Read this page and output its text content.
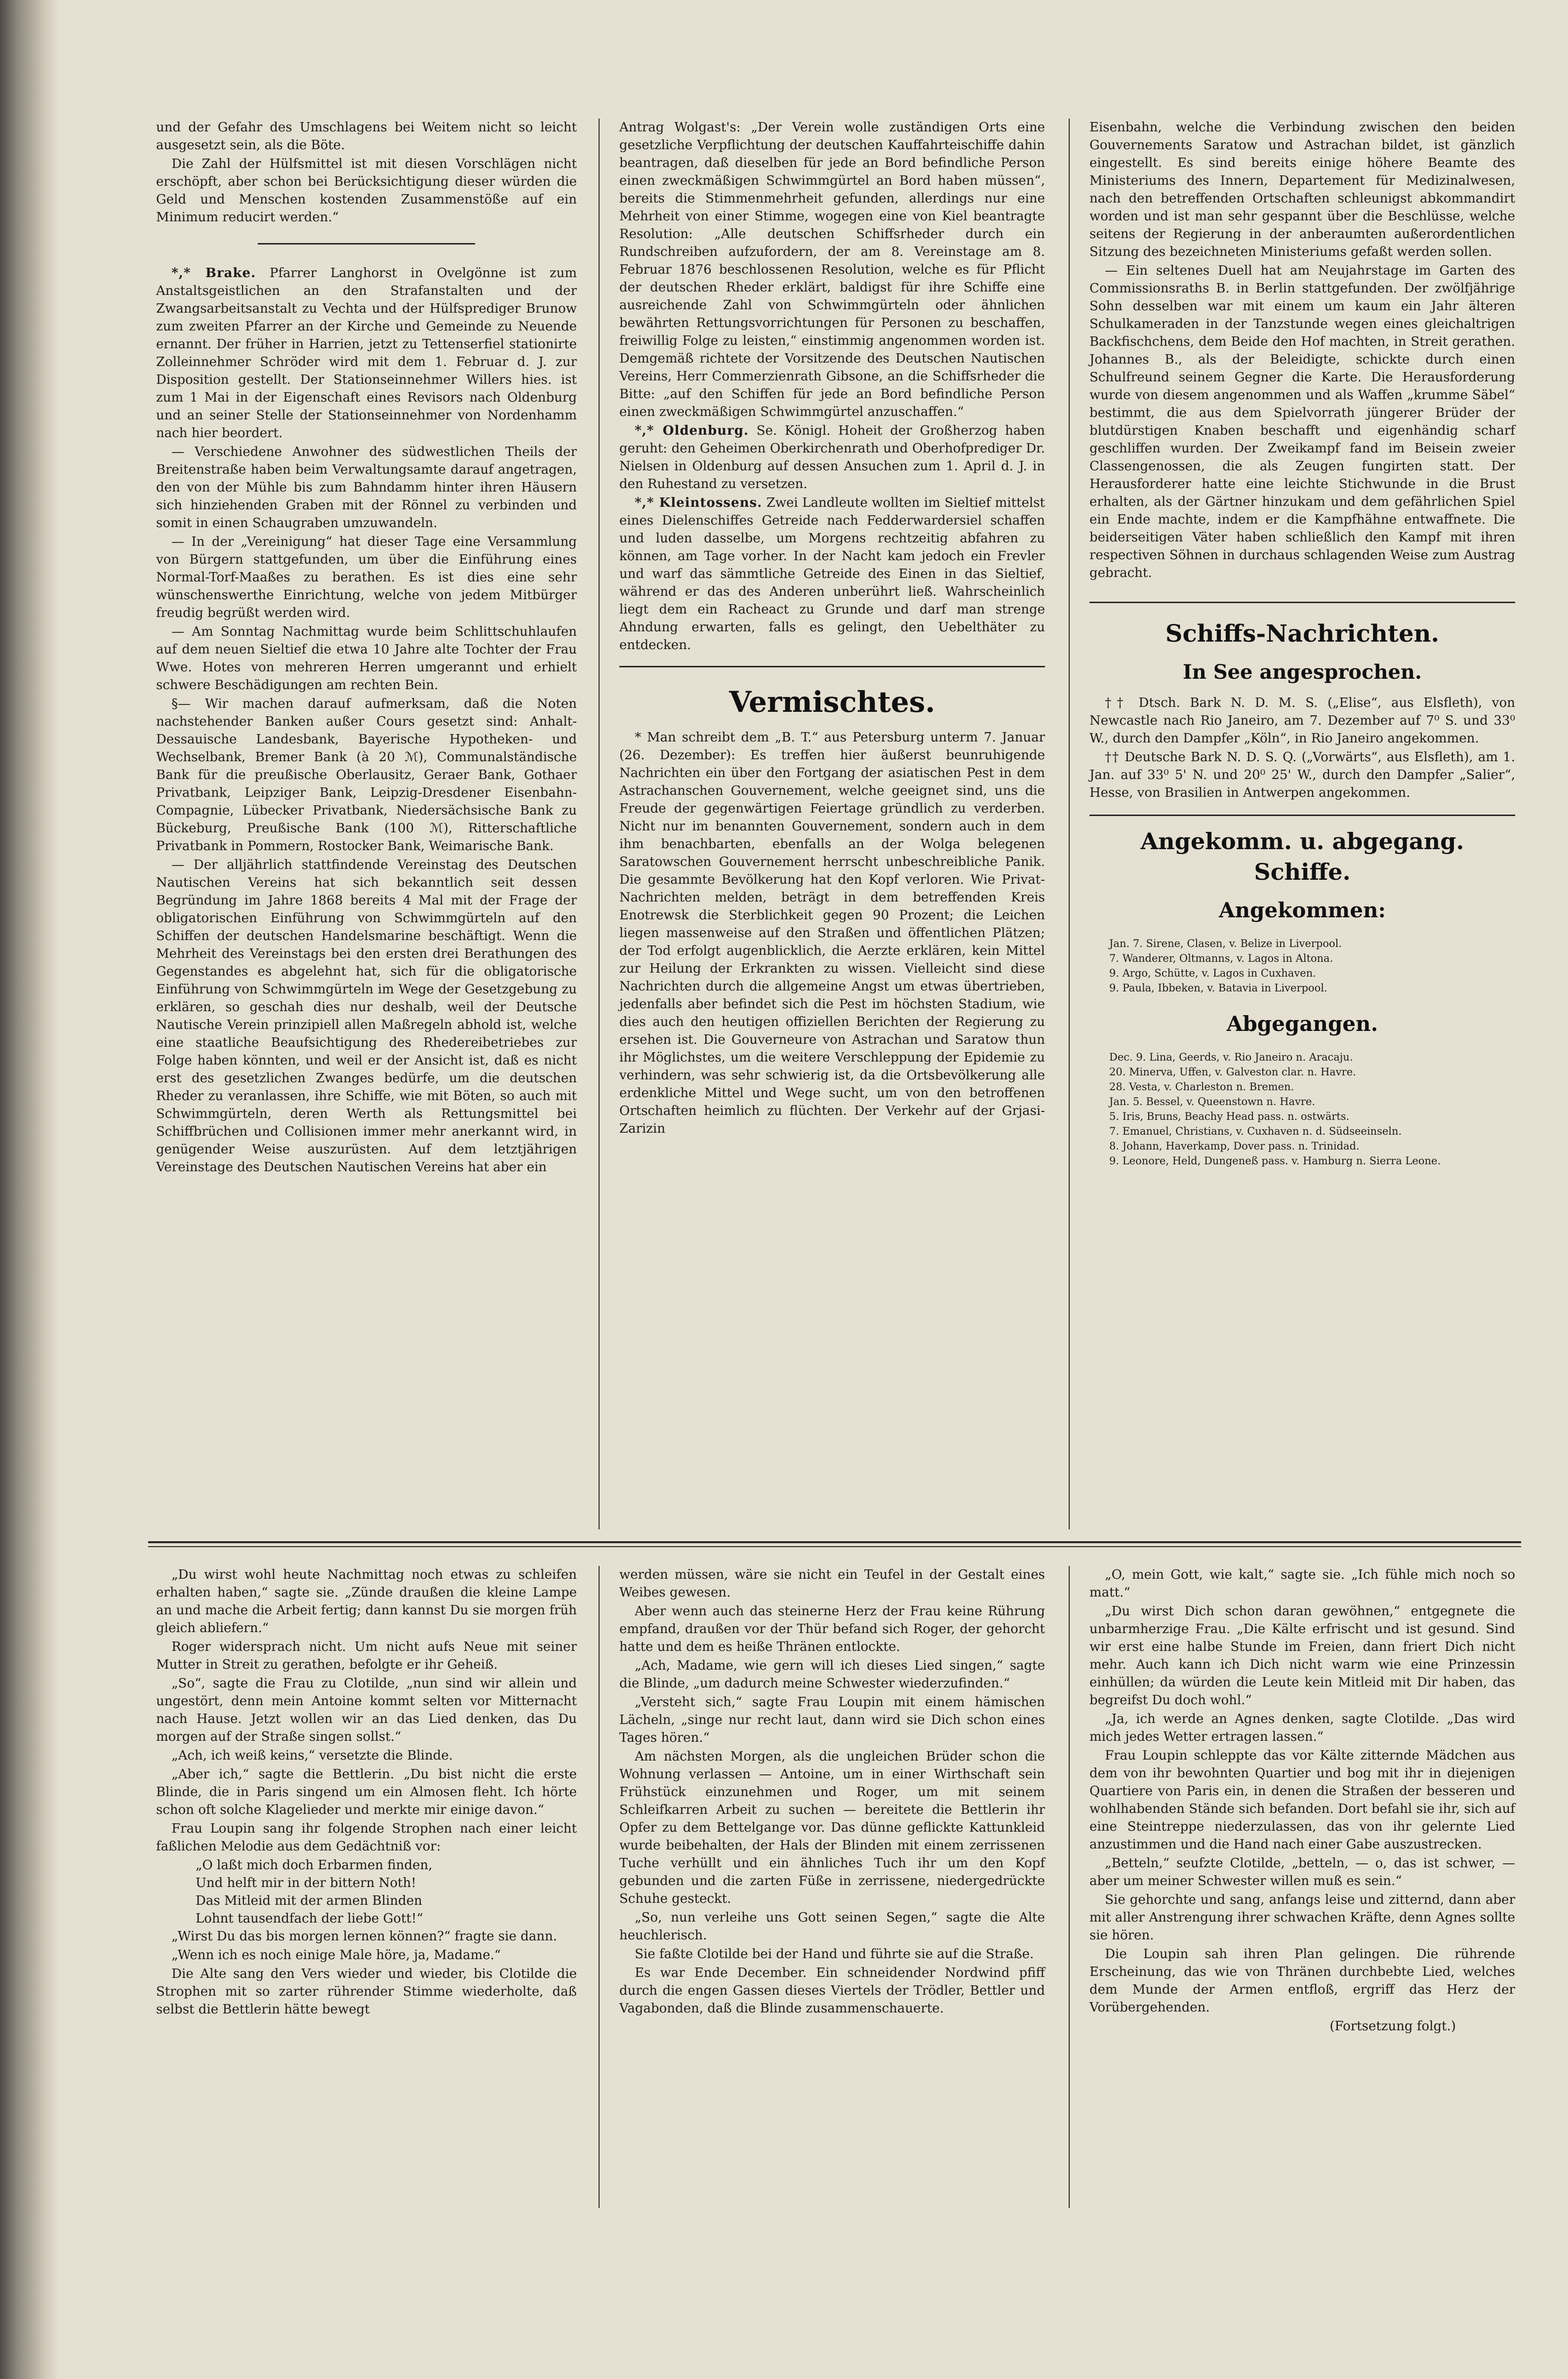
und der Gefahr des Umschlagens bei Weitem nicht so leicht ausgesetzt sein, als die Böte.

Die Zahl der Hülfsmittel ist mit diesen Vorschlägen nicht erschöpft, aber schon bei Berücksichtigung dieser würden die Geld und Menschen kostenden Zusammenstöße auf ein Minimum reducirt werden.“

*,* Brake. Pfarrer Langhorst in Ovelgönne ist zum Anstaltsgeistlichen an den Strafanstalten und der Zwangsarbeitsanstalt zu Vechta und der Hülfsprediger Brunow zum zweiten Pfarrer an der Kirche und Gemeinde zu Neuende ernannt. Der früher in Harrien, jetzt zu Tettenserfiel stationirte Zolleinnehmer Schröder wird mit dem 1. Februar d. J. zur Disposition gestellt. Der Stationseinnehmer Willers hies. ist zum 1 Mai in der Eigenschaft eines Revisors nach Oldenburg und an seiner Stelle der Stationseinnehmer von Nordenhamm nach hier beordert.

— Verschiedene Anwohner des südwestlichen Theils der Breitenstraße haben beim Verwaltungsamte darauf angetragen, den von der Mühle bis zum Bahndamm hinter ihren Häusern sich hinziehenden Graben mit der Rönnel zu verbinden und somit in einen Schaugraben umzuwandeln.

— In der „Vereinigung“ hat dieser Tage eine Versammlung von Bürgern stattgefunden, um über die Einführung eines Normal-Torf-Maaßes zu berathen. Es ist dies eine sehr wünschenswerthe Einrichtung, welche von jedem Mitbürger freudig begrüßt werden wird.

— Am Sonntag Nachmittag wurde beim Schlittschuhlaufen auf dem neuen Sieltief die etwa 10 Jahre alte Tochter der Frau Wwe. Hotes von mehreren Herren umgerannt und erhielt schwere Beschädigungen am rechten Bein.

§— Wir machen darauf aufmerksam, daß die Noten nachstehender Banken außer Cours gesetzt sind: Anhalt-Dessauische Landesbank, Bayerische Hypotheken- und Wechselbank, Bremer Bank (à 20 ℳ), Communalständische Bank für die preußische Oberlausitz, Geraer Bank, Gothaer Privatbank, Leipziger Bank, Leipzig-Dresdener Eisenbahn-Compagnie, Lübecker Privatbank, Niedersächsische Bank zu Bückeburg, Preußische Bank (100 ℳ), Ritterschaftliche Privatbank in Pommern, Rostocker Bank, Weimarische Bank.

— Der alljährlich stattfindende Vereinstag des Deutschen Nautischen Vereins hat sich bekanntlich seit dessen Begründung im Jahre 1868 bereits 4 Mal mit der Frage der obligatorischen Einführung von Schwimmgürteln auf den Schiffen der deutschen Handelsmarine beschäftigt. Wenn die Mehrheit des Vereinstags bei den ersten drei Berathungen des Gegenstandes es abgelehnt hat, sich für die obligatorische Einführung von Schwimmgürteln im Wege der Gesetzgebung zu erklären, so geschah dies nur deshalb, weil der Deutsche Nautische Verein prinzipiell allen Maßregeln abhold ist, welche eine staatliche Beaufsichtigung des Rhedereibetriebes zur Folge haben könnten, und weil er der Ansicht ist, daß es nicht erst des gesetzlichen Zwanges bedürfe, um die deutschen Rheder zu veranlassen, ihre Schiffe, wie mit Böten, so auch mit Schwimmgürteln, deren Werth als Rettungsmittel bei Schiffbrüchen und Collisionen immer mehr anerkannt wird, in genügender Weise auszurüsten. Auf dem letztjährigen Vereinstage des Deutschen Nautischen Vereins hat aber ein

Antrag Wolgast's: „Der Verein wolle zuständigen Orts eine gesetzliche Verpflichtung der deutschen Kauffahrteischiffe dahin beantragen, daß dieselben für jede an Bord befindliche Person einen zweckmäßigen Schwimmgürtel an Bord haben müssen“, bereits die Stimmenmehrheit gefunden, allerdings nur eine Mehrheit von einer Stimme, wogegen eine von Kiel beantragte Resolution: „Alle deutschen Schiffsrheder durch ein Rundschreiben aufzufordern, der am 8. Vereinstage am 8. Februar 1876 beschlossenen Resolution, welche es für Pflicht der deutschen Rheder erklärt, baldigst für ihre Schiffe eine ausreichende Zahl von Schwimmgürteln oder ähnlichen bewährten Rettungsvorrichtungen für Personen zu beschaffen, freiwillig Folge zu leisten,“ einstimmig angenommen worden ist. Demgemäß richtete der Vorsitzende des Deutschen Nautischen Vereins, Herr Commerzienrath Gibsone, an die Schiffsrheder die Bitte: „auf den Schiffen für jede an Bord befindliche Person einen zweckmäßigen Schwimmgürtel anzuschaffen.“

*,* Oldenburg. Se. Königl. Hoheit der Großherzog haben geruht: den Geheimen Oberkirchenrath und Oberhofprediger Dr. Nielsen in Oldenburg auf dessen Ansuchen zum 1. April d. J. in den Ruhestand zu versetzen.

*,* Kleintossens. Zwei Landleute wollten im Sieltief mittelst eines Dielenschiffes Getreide nach Fedderwardersiel schaffen und luden dasselbe, um Morgens rechtzeitig abfahren zu können, am Tage vorher. In der Nacht kam jedoch ein Frevler und warf das sämmtliche Getreide des Einen in das Sieltief, während er das des Anderen unberührt ließ. Wahrscheinlich liegt dem ein Racheact zu Grunde und darf man strenge Ahndung erwarten, falls es gelingt, den Uebelthäter zu entdecken.

Vermischtes.

* Man schreibt dem „B. T.“ aus Petersburg unterm 7. Januar (26. Dezember): Es treffen hier äußerst beunruhigende Nachrichten ein über den Fortgang der asiatischen Pest in dem Astrachanschen Gouvernement, welche geeignet sind, uns die Freude der gegenwärtigen Feiertage gründlich zu verderben. Nicht nur im benannten Gouvernement, sondern auch in dem ihm benachbarten, ebenfalls an der Wolga belegenen Saratowschen Gouvernement herrscht unbeschreibliche Panik. Die gesammte Bevölkerung hat den Kopf verloren. Wie Privat-Nachrichten melden, beträgt in dem betreffenden Kreis Enotrewsk die Sterblichkeit gegen 90 Prozent; die Leichen liegen massenweise auf den Straßen und öffentlichen Plätzen; der Tod erfolgt augenblicklich, die Aerzte erklären, kein Mittel zur Heilung der Erkrankten zu wissen. Vielleicht sind diese Nachrichten durch die allgemeine Angst um etwas übertrieben, jedenfalls aber befindet sich die Pest im höchsten Stadium, wie dies auch den heutigen offiziellen Berichten der Regierung zu ersehen ist. Die Gouverneure von Astrachan und Saratow thun ihr Möglichstes, um die weitere Verschleppung der Epidemie zu verhindern, was sehr schwierig ist, da die Ortsbevölkerung alle erdenkliche Mittel und Wege sucht, um von den betroffenen Ortschaften heimlich zu flüchten. Der Verkehr auf der Grjasi-Zarizin

Eisenbahn, welche die Verbindung zwischen den beiden Gouvernements Saratow und Astrachan bildet, ist gänzlich eingestellt. Es sind bereits einige höhere Beamte des Ministeriums des Innern, Departement für Medizinalwesen, nach den betreffenden Ortschaften schleunigst abkommandirt worden und ist man sehr gespannt über die Beschlüsse, welche seitens der Regierung in der anberaumten außerordentlichen Sitzung des bezeichneten Ministeriums gefaßt werden sollen.

— Ein seltenes Duell hat am Neujahrstage im Garten des Commissionsraths B. in Berlin stattgefunden. Der zwölfjährige Sohn desselben war mit einem um kaum ein Jahr älteren Schulkameraden in der Tanzstunde wegen eines gleichaltrigen Backfischchens, dem Beide den Hof machten, in Streit gerathen. Johannes B., als der Beleidigte, schickte durch einen Schulfreund seinem Gegner die Karte. Die Herausforderung wurde von diesem angenommen und als Waffen „krumme Säbel“ bestimmt, die aus dem Spielvorrath jüngerer Brüder der blutdürstigen Knaben beschafft und eigenhändig scharf geschliffen wurden. Der Zweikampf fand im Beisein zweier Classengenossen, die als Zeugen fungirten statt. Der Herausforderer hatte eine leichte Stichwunde in die Brust erhalten, als der Gärtner hinzukam und dem gefährlichen Spiel ein Ende machte, indem er die Kampfhähne entwaffnete. Die beiderseitigen Väter haben schließlich den Kampf mit ihren respectiven Söhnen in durchaus schlagenden Weise zum Austrag gebracht.

Schiffs-Nachrichten.
In See angesprochen.

†† Dtsch. Bark N. D. M. S. („Elise“, aus Elsfleth), von Newcastle nach Rio Janeiro, am 7. Dezember auf 7⁰ S. und 33⁰ W., durch den Dampfer „Köln“, in Rio Janeiro angekommen.

†† Deutsche Bark N. D. S. Q. („Vorwärts“, aus Elsfleth), am 1. Jan. auf 33⁰ 5' N. und 20⁰ 25' W., durch den Dampfer „Salier“, Hesse, von Brasilien in Antwerpen angekommen.

Angekomm. u. abgegang. Schiffe.
Angekommen:

Jan. 7. Sirene, Clasen, v. Belize in Liverpool.

7. Wanderer, Oltmanns, v. Lagos in Altona.

9. Argo, Schütte, v. Lagos in Cuxhaven.

9. Paula, Ibbeken, v. Batavia in Liverpool.

Abgegangen.

Dec. 9. Lina, Geerds, v. Rio Janeiro n. Aracaju.

20. Minerva, Uffen, v. Galveston clar. n. Havre.

28. Vesta, v. Charleston n. Bremen.

Jan. 5. Bessel, v. Queenstown n. Havre.

5. Iris, Bruns, Beachy Head pass. n. ostwärts.

7. Emanuel, Christians, v. Cuxhaven n. d. Südseeinseln.

8. Johann, Haverkamp, Dover pass. n. Trinidad.

9. Leonore, Held, Dungeneß pass. v. Hamburg n. Sierra Leone.

„Du wirst wohl heute Nachmittag noch etwas zu schleifen erhalten haben,“ sagte sie. „Zünde draußen die kleine Lampe an und mache die Arbeit fertig; dann kannst Du sie morgen früh gleich abliefern.“

Roger widersprach nicht. Um nicht aufs Neue mit seiner Mutter in Streit zu gerathen, befolgte er ihr Geheiß.

„So“, sagte die Frau zu Clotilde, „nun sind wir allein und ungestört, denn mein Antoine kommt selten vor Mitternacht nach Hause. Jetzt wollen wir an das Lied denken, das Du morgen auf der Straße singen sollst.“

„Ach, ich weiß keins,“ versetzte die Blinde.

„Aber ich,“ sagte die Bettlerin. „Du bist nicht die erste Blinde, die in Paris singend um ein Almosen fleht. Ich hörte schon oft solche Klagelieder und merkte mir einige davon.“

Frau Loupin sang ihr folgende Strophen nach einer leicht faßlichen Melodie aus dem Gedächtniß vor:

„O laßt mich doch Erbarmen finden,

Und helft mir in der bittern Noth!

Das Mitleid mit der armen Blinden

Lohnt tausendfach der liebe Gott!“

„Wirst Du das bis morgen lernen können?“ fragte sie dann.

„Wenn ich es noch einige Male höre, ja, Madame.“

Die Alte sang den Vers wieder und wieder, bis Clotilde die Strophen mit so zarter rührender Stimme wiederholte, daß selbst die Bettlerin hätte bewegt

werden müssen, wäre sie nicht ein Teufel in der Gestalt eines Weibes gewesen.

Aber wenn auch das steinerne Herz der Frau keine Rührung empfand, draußen vor der Thür befand sich Roger, der gehorcht hatte und dem es heiße Thränen entlockte.

„Ach, Madame, wie gern will ich dieses Lied singen,“ sagte die Blinde, „um dadurch meine Schwester wiederzufinden.“

„Versteht sich,“ sagte Frau Loupin mit einem hämischen Lächeln, „singe nur recht laut, dann wird sie Dich schon eines Tages hören.“

Am nächsten Morgen, als die ungleichen Brüder schon die Wohnung verlassen — Antoine, um in einer Wirthschaft sein Frühstück einzunehmen und Roger, um mit seinem Schleifkarren Arbeit zu suchen — bereitete die Bettlerin ihr Opfer zu dem Bettelgange vor. Das dünne geflickte Kattunkleid wurde beibehalten, der Hals der Blinden mit einem zerrissenen Tuche verhüllt und ein ähnliches Tuch ihr um den Kopf gebunden und die zarten Füße in zerrissene, niedergedrückte Schuhe gesteckt.

„So, nun verleihe uns Gott seinen Segen,“ sagte die Alte heuchlerisch.

Sie faßte Clotilde bei der Hand und führte sie auf die Straße.

Es war Ende December. Ein schneidender Nordwind pfiff durch die engen Gassen dieses Viertels der Trödler, Bettler und Vagabonden, daß die Blinde zusammenschauerte.

„O, mein Gott, wie kalt,“ sagte sie. „Ich fühle mich noch so matt.“

„Du wirst Dich schon daran gewöhnen,“ entgegnete die unbarmherzige Frau. „Die Kälte erfrischt und ist gesund. Sind wir erst eine halbe Stunde im Freien, dann friert Dich nicht mehr. Auch kann ich Dich nicht warm wie eine Prinzessin einhüllen; da würden die Leute kein Mitleid mit Dir haben, das begreifst Du doch wohl.“

„Ja, ich werde an Agnes denken, sagte Clotilde. „Das wird mich jedes Wetter ertragen lassen.“

Frau Loupin schleppte das vor Kälte zitternde Mädchen aus dem von ihr bewohnten Quartier und bog mit ihr in diejenigen Quartiere von Paris ein, in denen die Straßen der besseren und wohlhabenden Stände sich befanden. Dort befahl sie ihr, sich auf eine Steintreppe niederzulassen, das von ihr gelernte Lied anzustimmen und die Hand nach einer Gabe auszustrecken.

„Betteln,“ seufzte Clotilde, „betteln, — o, das ist schwer, — aber um meiner Schwester willen muß es sein.“

Sie gehorchte und sang, anfangs leise und zitternd, dann aber mit aller Anstrengung ihrer schwachen Kräfte, denn Agnes sollte sie hören.

Die Loupin sah ihren Plan gelingen. Die rührende Erscheinung, das wie von Thränen durchbebte Lied, welches dem Munde der Armen entfloß, ergriff das Herz der Vorübergehenden.

(Fortsetzung folgt.)
